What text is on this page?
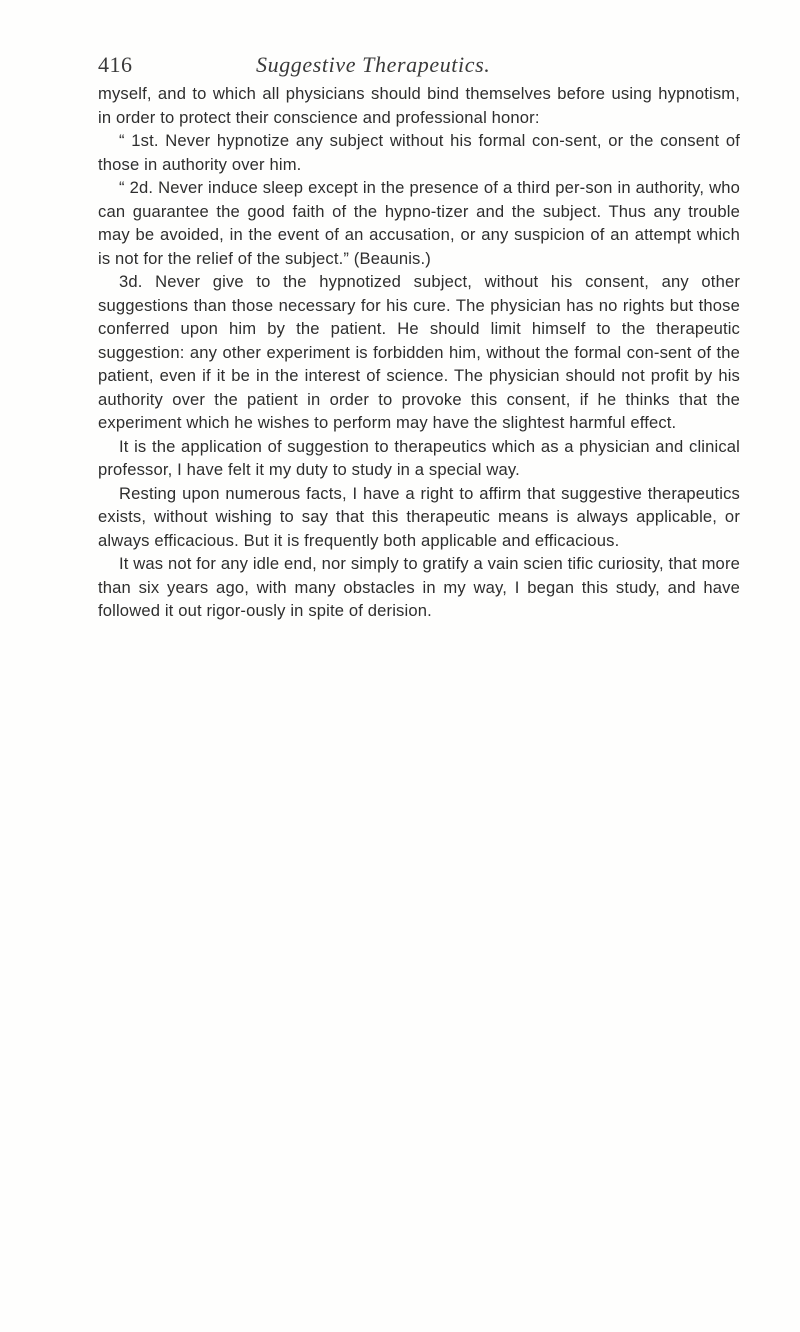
416	Suggestive Therapeutics.

myself, and to which all physicians should bind themselves before using hypnotism, in order to protect their conscience and professional honor:

“ 1st. Never hypnotize any subject without his formal con-sent, or the consent of those in authority over him.

“ 2d. Never induce sleep except in the presence of a third per-son in authority, who can guarantee the good faith of the hypno-tizer and the subject. Thus any trouble may be avoided, in the event of an accusation, or any suspicion of an attempt which is not for the relief of the subject.” (Beaunis.)

3d. Never give to the hypnotized subject, without his consent, any other suggestions than those necessary for his cure. The physician has no rights but those conferred upon him by the patient. He should limit himself to the therapeutic suggestion: any other experiment is forbidden him, without the formal con-sent of the patient, even if it be in the interest of science. The physician should not profit by his authority over the patient in order to provoke this consent, if he thinks that the experiment which he wishes to perform may have the slightest harmful effect.

It is the application of suggestion to therapeutics which as a physician and clinical professor, I have felt it my duty to study in a special way.

Resting upon numerous facts, I have a right to affirm that suggestive therapeutics exists, without wishing to say that this therapeutic means is always applicable, or always efficacious. But it is frequently both applicable and efficacious.

It was not for any idle end, nor simply to gratify a vain scien tific curiosity, that more than six years ago, with many obstacles in my way, I began this study, and have followed it out rigor-ously in spite of derision.
